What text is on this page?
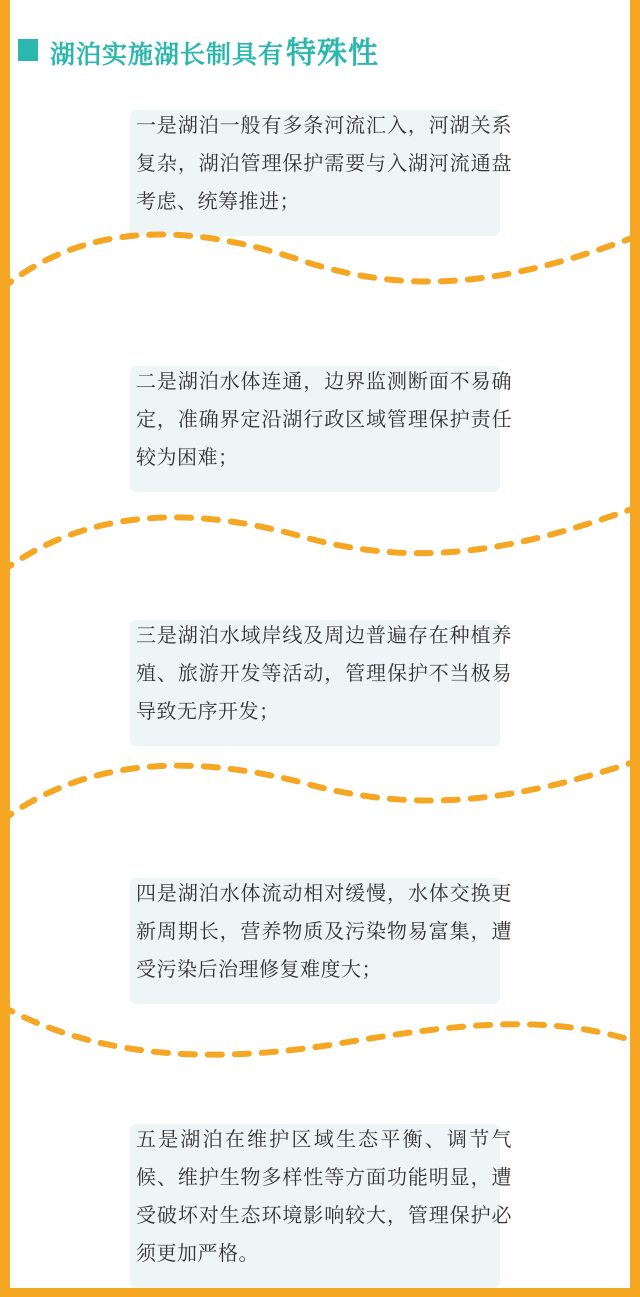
湖泊实施湖长制具有 特殊性
一是湖泊一般有多条河流汇入，河湖关系复杂，湖泊管理保护需要与入湖河流通盘考虑、统筹推进；
二是湖泊水体连通，边界监测断面不易确定，准确界定沿湖行政区域管理保护责任较为困难；
三是湖泊水域岸线及周边普遍存在种植养殖、旅游开发等活动，管理保护不当极易导致无序开发；
四是湖泊水体流动相对缓慢，水体交换更新周期长，营养物质及污染物易富集，遭受污染后治理修复难度大；
五是湖泊在维护区域生态平衡、调节气候、维护生物多样性等方面功能明显，遭受破坏对生态环境影响较大，管理保护必须更加严格。
